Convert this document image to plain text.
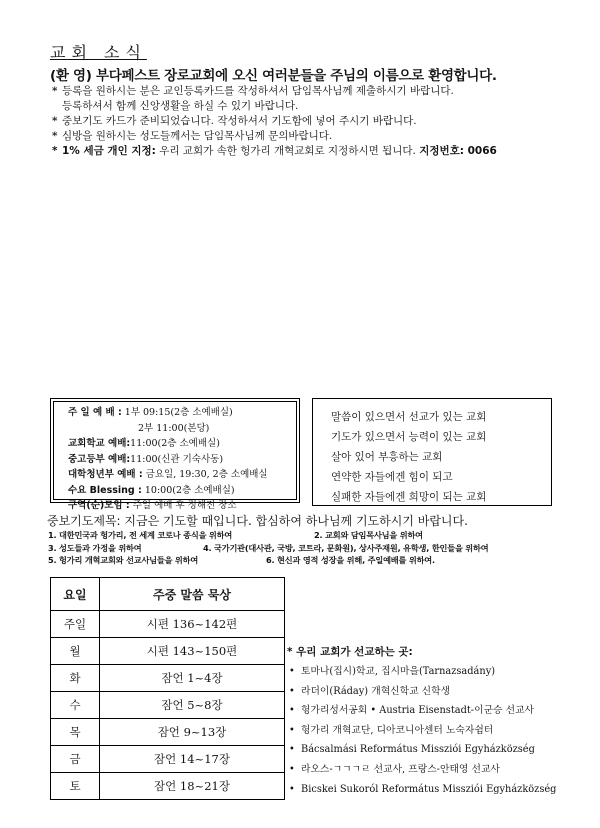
교회 소식
(환 영) 부다페스트 장로교회에 오신 여러분들을 주님의 이름으로 환영합니다.
* 등록을 원하시는 분은 교인등록카드를 작성하셔서 담임목사님께 제출하시기 바랍니다.
등록하셔서 함께 신앙생활을 하실 수 있기 바랍니다.
* 중보기도 카드가 준비되었습니다. 작성하셔서 기도함에 넣어 주시기 바랍니다.
* 심방을 원하시는 성도들께서는 담임목사님께 문의바랍니다.
* 1% 세금 개인 지정: 우리 교회가 속한 헝가리 개혁교회로 지정하시면 됩니다. 지정번호: 0066
주 일 예 배 : 1부 09:15(2층 소예배실)
2부 11:00(본당)
교회학교 예배:11:00(2층 소예배실)
중고등부 예배:11:00(신관 기숙사동)
대학청년부 예배 : 금요일, 19:30, 2층 소예배실
수요 Blessing : 10:00(2층 소예배실)
구역(순)모임 : 주일 예배 후 정해진 장소
말씀이 있으면서 선교가 있는 교회
기도가 있으면서 능력이 있는 교회
살아 있어 부흥하는 교회
연약한 자들에겐 힘이 되고
실패한 자들에겐 희망이 되는 교회
중보기도제목: 지금은 기도할 때입니다. 합심하여 하나님께 기도하시기 바랍니다.
1. 대한민국과 헝가리, 전 세계 코로나 종식을 위하여	2. 교회와 담임목사님을 위하여
3. 성도들과 가정을 위하여	4. 국가기관(대사관, 국방, 코트라, 문화원), 상사주재원, 유학생, 한인들을 위하여
5. 헝가리 개혁교회와 선교사님들을 위하여	6. 현신과 영적 성장을 위해, 주일예배를 위하여.
요일	주중 말씀 묵상
주일	시편 136~142편
월	시편 143~150편
화	잠언 1~4장
수	잠언 5~8장
목	잠언 9~13장
금	잠언 14~17장
토	잠언 18~21장
* 우리 교회가 선교하는 곳:
• 토마나(집시)학교, 집시마을(Tarnazsadány)
• 라더이(Ráday) 개혁신학교 신학생
• 헝가리성서공회 • Austria Eisenstadt-이군승 선교사
• 헝가리 개혁교단, 디아코니아센터 노숙자쉼터
• Bácsalmási Református Missziói Egyházközség
• 라오스-ㄱㄱㄱㄹ 선교사, 프랑스-안태영 선교사
• Bicskei Sukoról Református Missziói Egyházközség
